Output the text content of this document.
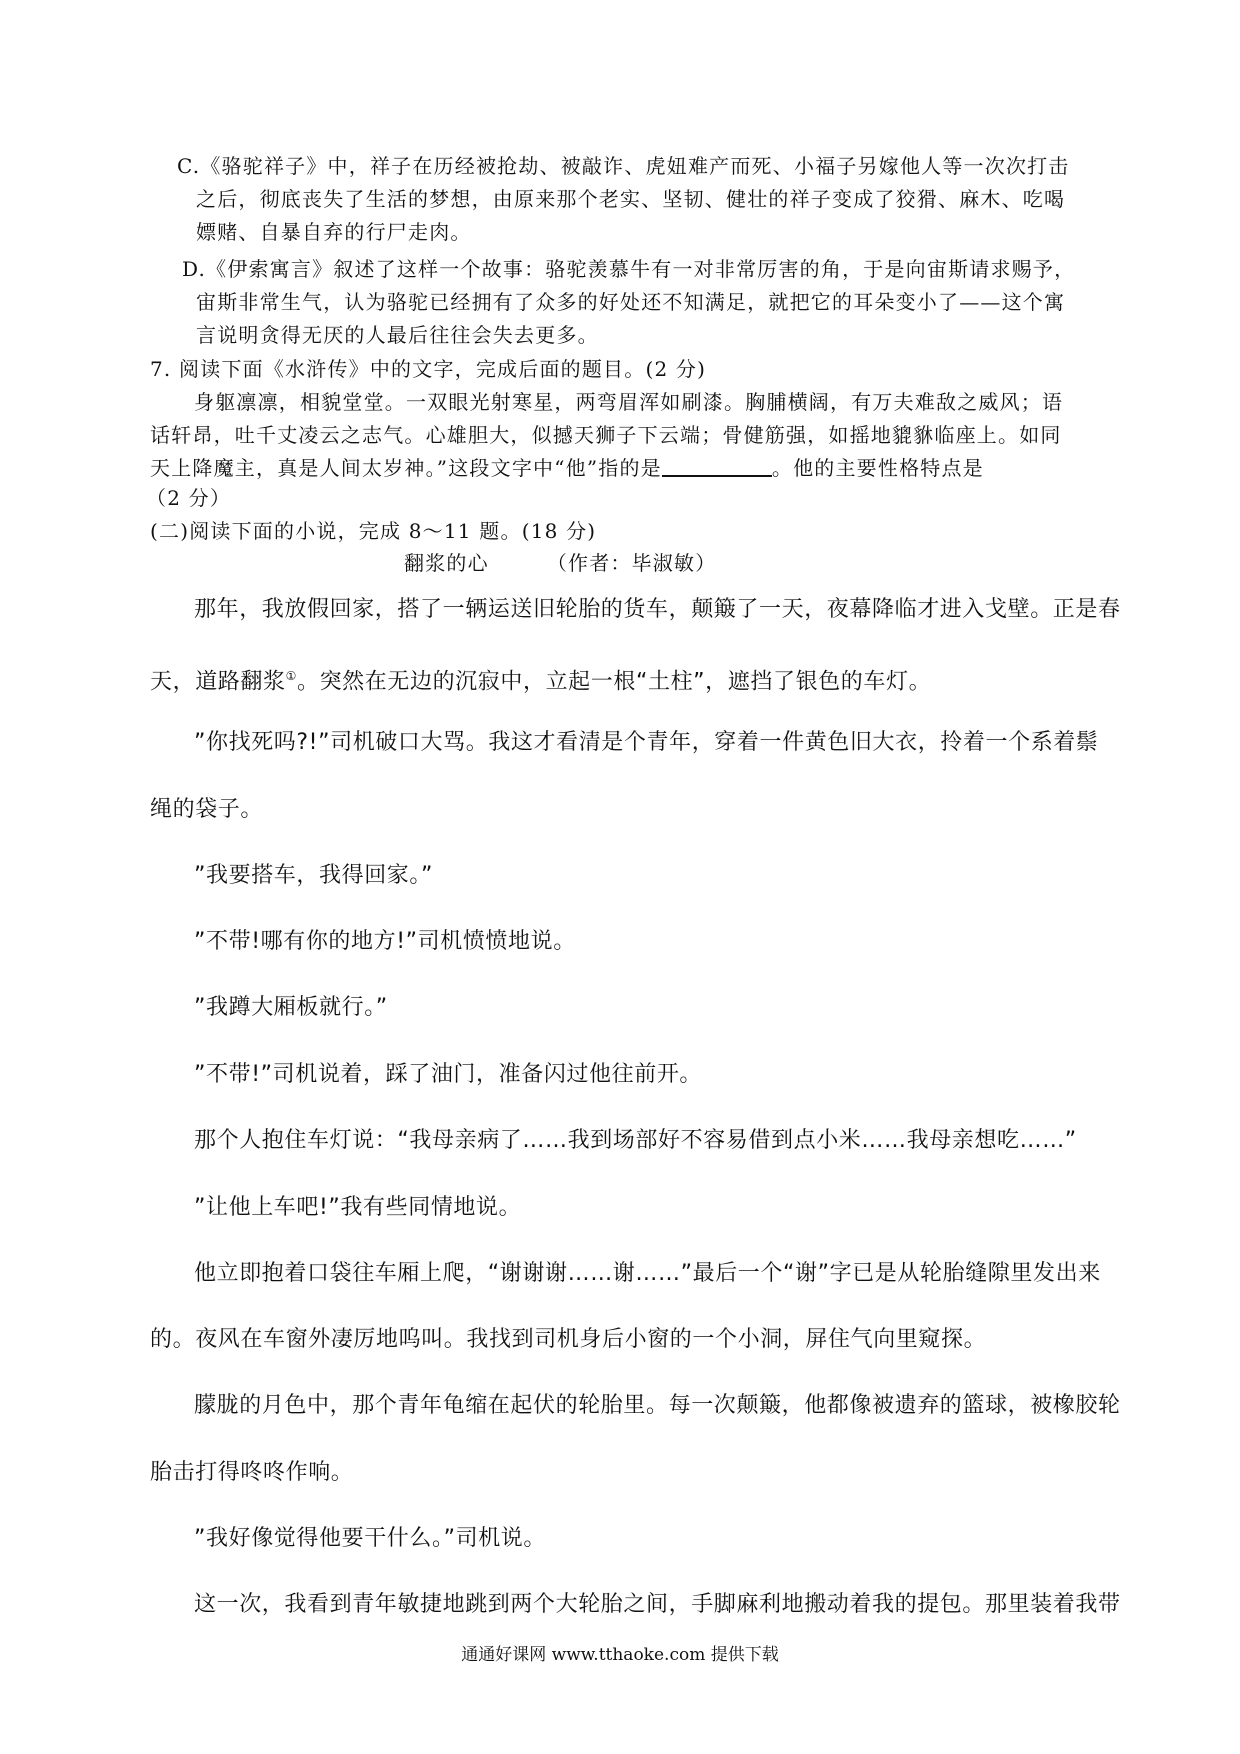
C.《骆驼祥子》中，祥子在历经被抢劫、被敲诈、虎妞难产而死、小福子另嫁他人等一次次打击
之后，彻底丧失了生活的梦想，由原来那个老实、坚韧、健壮的祥子变成了狡猾、麻木、吃喝
嫖赌、自暴自弃的行尸走肉。
D.《伊索寓言》叙述了这样一个故事：骆驼羡慕牛有一对非常厉害的角，于是向宙斯请求赐予，
宙斯非常生气，认为骆驼已经拥有了众多的好处还不知满足，就把它的耳朵变小了——这个寓
言说明贪得无厌的人最后往往会失去更多。
7. 阅读下面《水浒传》中的文字，完成后面的题目。(2 分)
身躯凛凛，相貌堂堂。一双眼光射寒星，两弯眉浑如刷漆。胸脯横阔，有万夫难敌之威风；语
话轩昂，吐千丈凌云之志气。心雄胆大，似撼天狮子下云端；骨健筋强，如摇地貔貅临座上。如同
天上降魔主，真是人间太岁神。”这段文字中“他”指的是	。他的主要性格特点是
（2 分）
(二)阅读下面的小说，完成 8～11 题。(18 分)
翻浆的心	（作者：毕淑敏）
那年，我放假回家，搭了一辆运送旧轮胎的货车，颠簸了一天，夜幕降临才进入戈壁。正是春
天，道路翻浆①。突然在无边的沉寂中，立起一根“土柱”，遮挡了银色的车灯。
”你找死吗?!”司机破口大骂。我这才看清是个青年，穿着一件黄色旧大衣，拎着一个系着鬃
绳的袋子。
”我要搭车，我得回家。”
”不带!哪有你的地方!”司机愤愤地说。
”我蹲大厢板就行。”
”不带!”司机说着，踩了油门，准备闪过他往前开。
那个人抱住车灯说：“我母亲病了……我到场部好不容易借到点小米……我母亲想吃……”
”让他上车吧!”我有些同情地说。
他立即抱着口袋往车厢上爬，“谢谢谢……谢……”最后一个“谢”字已是从轮胎缝隙里发出来
的。夜风在车窗外凄厉地呜叫。我找到司机身后小窗的一个小洞，屏住气向里窥探。
朦胧的月色中，那个青年龟缩在起伏的轮胎里。每一次颠簸，他都像被遗弃的篮球，被橡胶轮
胎击打得咚咚作响。
”我好像觉得他要干什么。”司机说。
这一次，我看到青年敏捷地跳到两个大轮胎之间，手脚麻利地搬动着我的提包。那里装着我带
通通好课网 www.tthaoke.com 提供下载
